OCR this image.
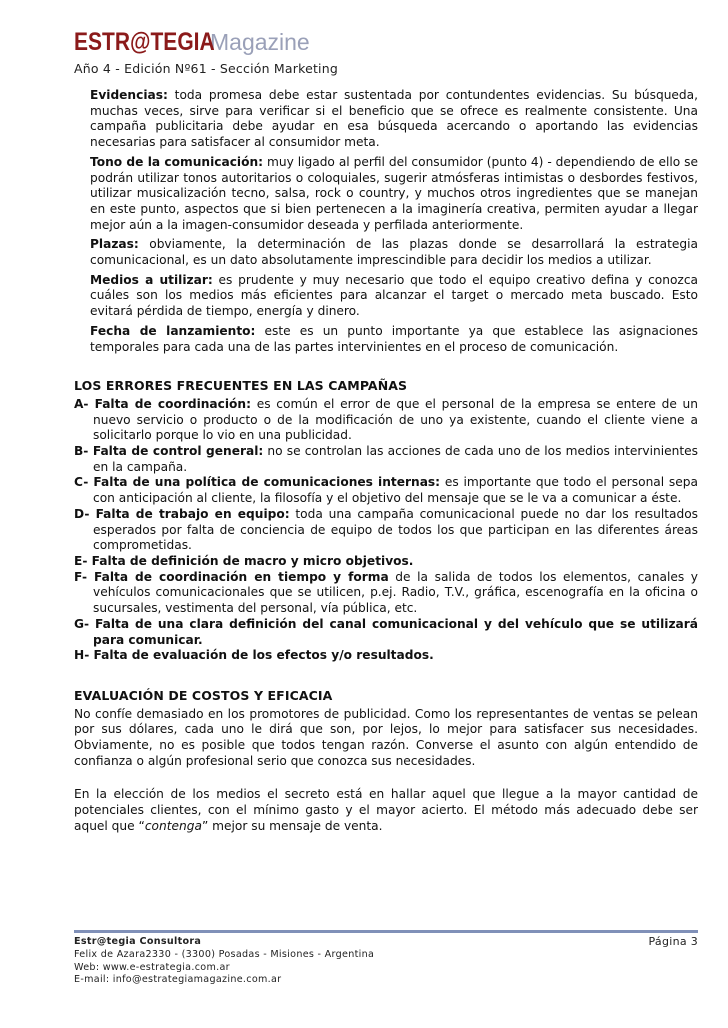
ESTR@TEGIA
Magazine
Año 4 - Edición Nº61 - Sección Marketing

Evidencias: toda promesa debe estar sustentada por contundentes evidencias. Su búsqueda, muchas veces, sirve para verificar si el beneficio que se ofrece es realmente consistente. Una campaña publicitaria debe ayudar en esa búsqueda acercando o aportando las evidencias necesarias para satisfacer al consumidor meta.

Tono de la comunicación: muy ligado al perfil del consumidor (punto 4) - dependiendo de ello se podrán utilizar tonos autoritarios o coloquiales, sugerir atmósferas intimistas o desbordes festivos, utilizar musicalización tecno, salsa, rock o country, y muchos otros ingredientes que se manejan en este punto, aspectos que si bien pertenecen a la imaginería creativa, permiten ayudar a llegar mejor aún a la imagen-consumidor deseada y perfilada anteriormente.

Plazas: obviamente, la determinación de las plazas donde se desarrollará la estrategia comunicacional, es un dato absolutamente imprescindible para decidir los medios a utilizar.

Medios a utilizar: es prudente y muy necesario que todo el equipo creativo defina y conozca cuáles son los medios más eficientes para alcanzar el target o mercado meta buscado. Esto evitará pérdida de tiempo, energía y dinero.

Fecha de lanzamiento: este es un punto importante ya que establece las asignaciones temporales para cada una de las partes intervinientes en el proceso de comunicación.

LOS ERRORES FRECUENTES EN LAS CAMPAÑAS

A- Falta de coordinación: es común el error de que el personal de la empresa se entere de un nuevo servicio o producto o de la modificación de uno ya existente, cuando el cliente viene a solicitarlo porque lo vio en una publicidad.

B- Falta de control general: no se controlan las acciones de cada uno de los medios intervinientes en la campaña.

C- Falta de una política de comunicaciones internas: es importante que todo el personal sepa con anticipación al cliente, la filosofía y el objetivo del mensaje que se le va a comunicar a éste.

D- Falta de trabajo en equipo: toda una campaña comunicacional puede no dar los resultados esperados por falta de conciencia de equipo de todos los que participan en las diferentes áreas comprometidas.

E- Falta de definición de macro y micro objetivos.

F- Falta de coordinación en tiempo y forma de la salida de todos los elementos, canales y vehículos comunicacionales que se utilicen, p.ej. Radio, T.V., gráfica, escenografía en la oficina o sucursales, vestimenta del personal, vía pública, etc.

G- Falta de una clara definición del canal comunicacional y del vehículo que se utilizará para comunicar.

H- Falta de evaluación de los efectos y/o resultados.

EVALUACIÓN DE COSTOS Y EFICACIA

No confíe demasiado en los promotores de publicidad. Como los representantes de ventas se pelean por sus dólares, cada uno le dirá que son, por lejos, lo mejor para satisfacer sus necesidades. Obviamente, no es posible que todos tengan razón. Converse el asunto con algún entendido de confianza o algún profesional serio que conozca sus necesidades.

En la elección de los medios el secreto está en hallar aquel que llegue a la mayor cantidad de potenciales clientes, con el mínimo gasto y el mayor acierto. El método más adecuado debe ser aquel que “contenga” mejor su mensaje de venta.

Estr@tegia Consultora
Felix de Azara2330 - (3300) Posadas - Misiones - Argentina
Web: www.e-estrategia.com.ar
E-mail: info@estrategiamagazine.com.ar
Página 3
